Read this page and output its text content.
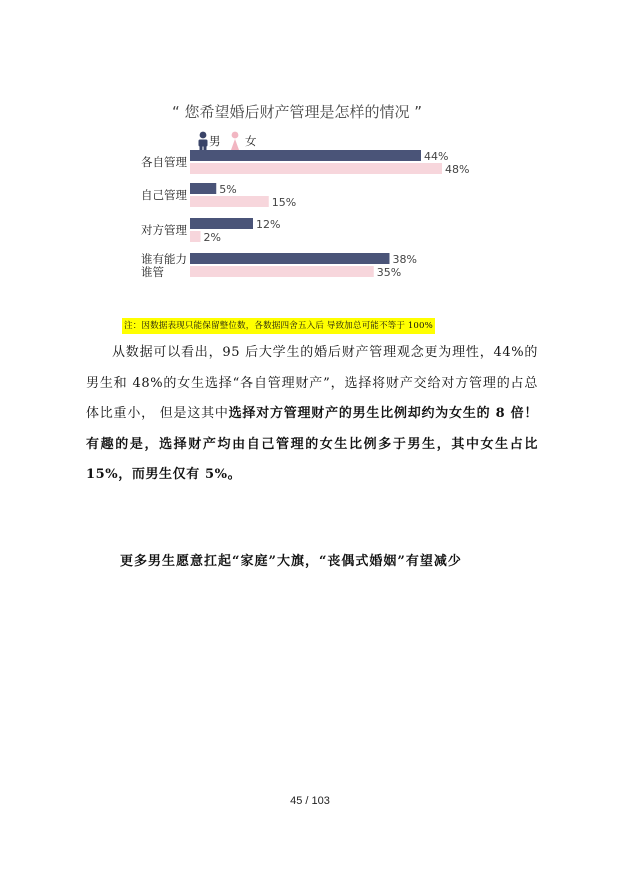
“ 您希望婚后财产管理是怎样的情况 ”
男 女
44%
48%
各自管理
5%
15%
自己管理
12%
2%
对方管理
38%
35%
谁有能力
谁管
注：因数据表现只能保留整位数，各数据四舍五入后 导致加总可能不等于 100%
从数据可以看出，95 后大学生的婚后财产管理观念更为理性，44%的男生和 48%的女生选择“各自管理财产”，选择将财产交给对方管理的占总体比重小， 但是这其中选择对方管理财产的男生比例却约为女生的 8 倍！有趣的是，选择财产均由自己管理的女生比例多于男生，其中女生占比 15%，而男生仅有 5%。
更多男生愿意扛起“家庭”大旗，“丧偶式婚姻”有望减少
45 / 103
